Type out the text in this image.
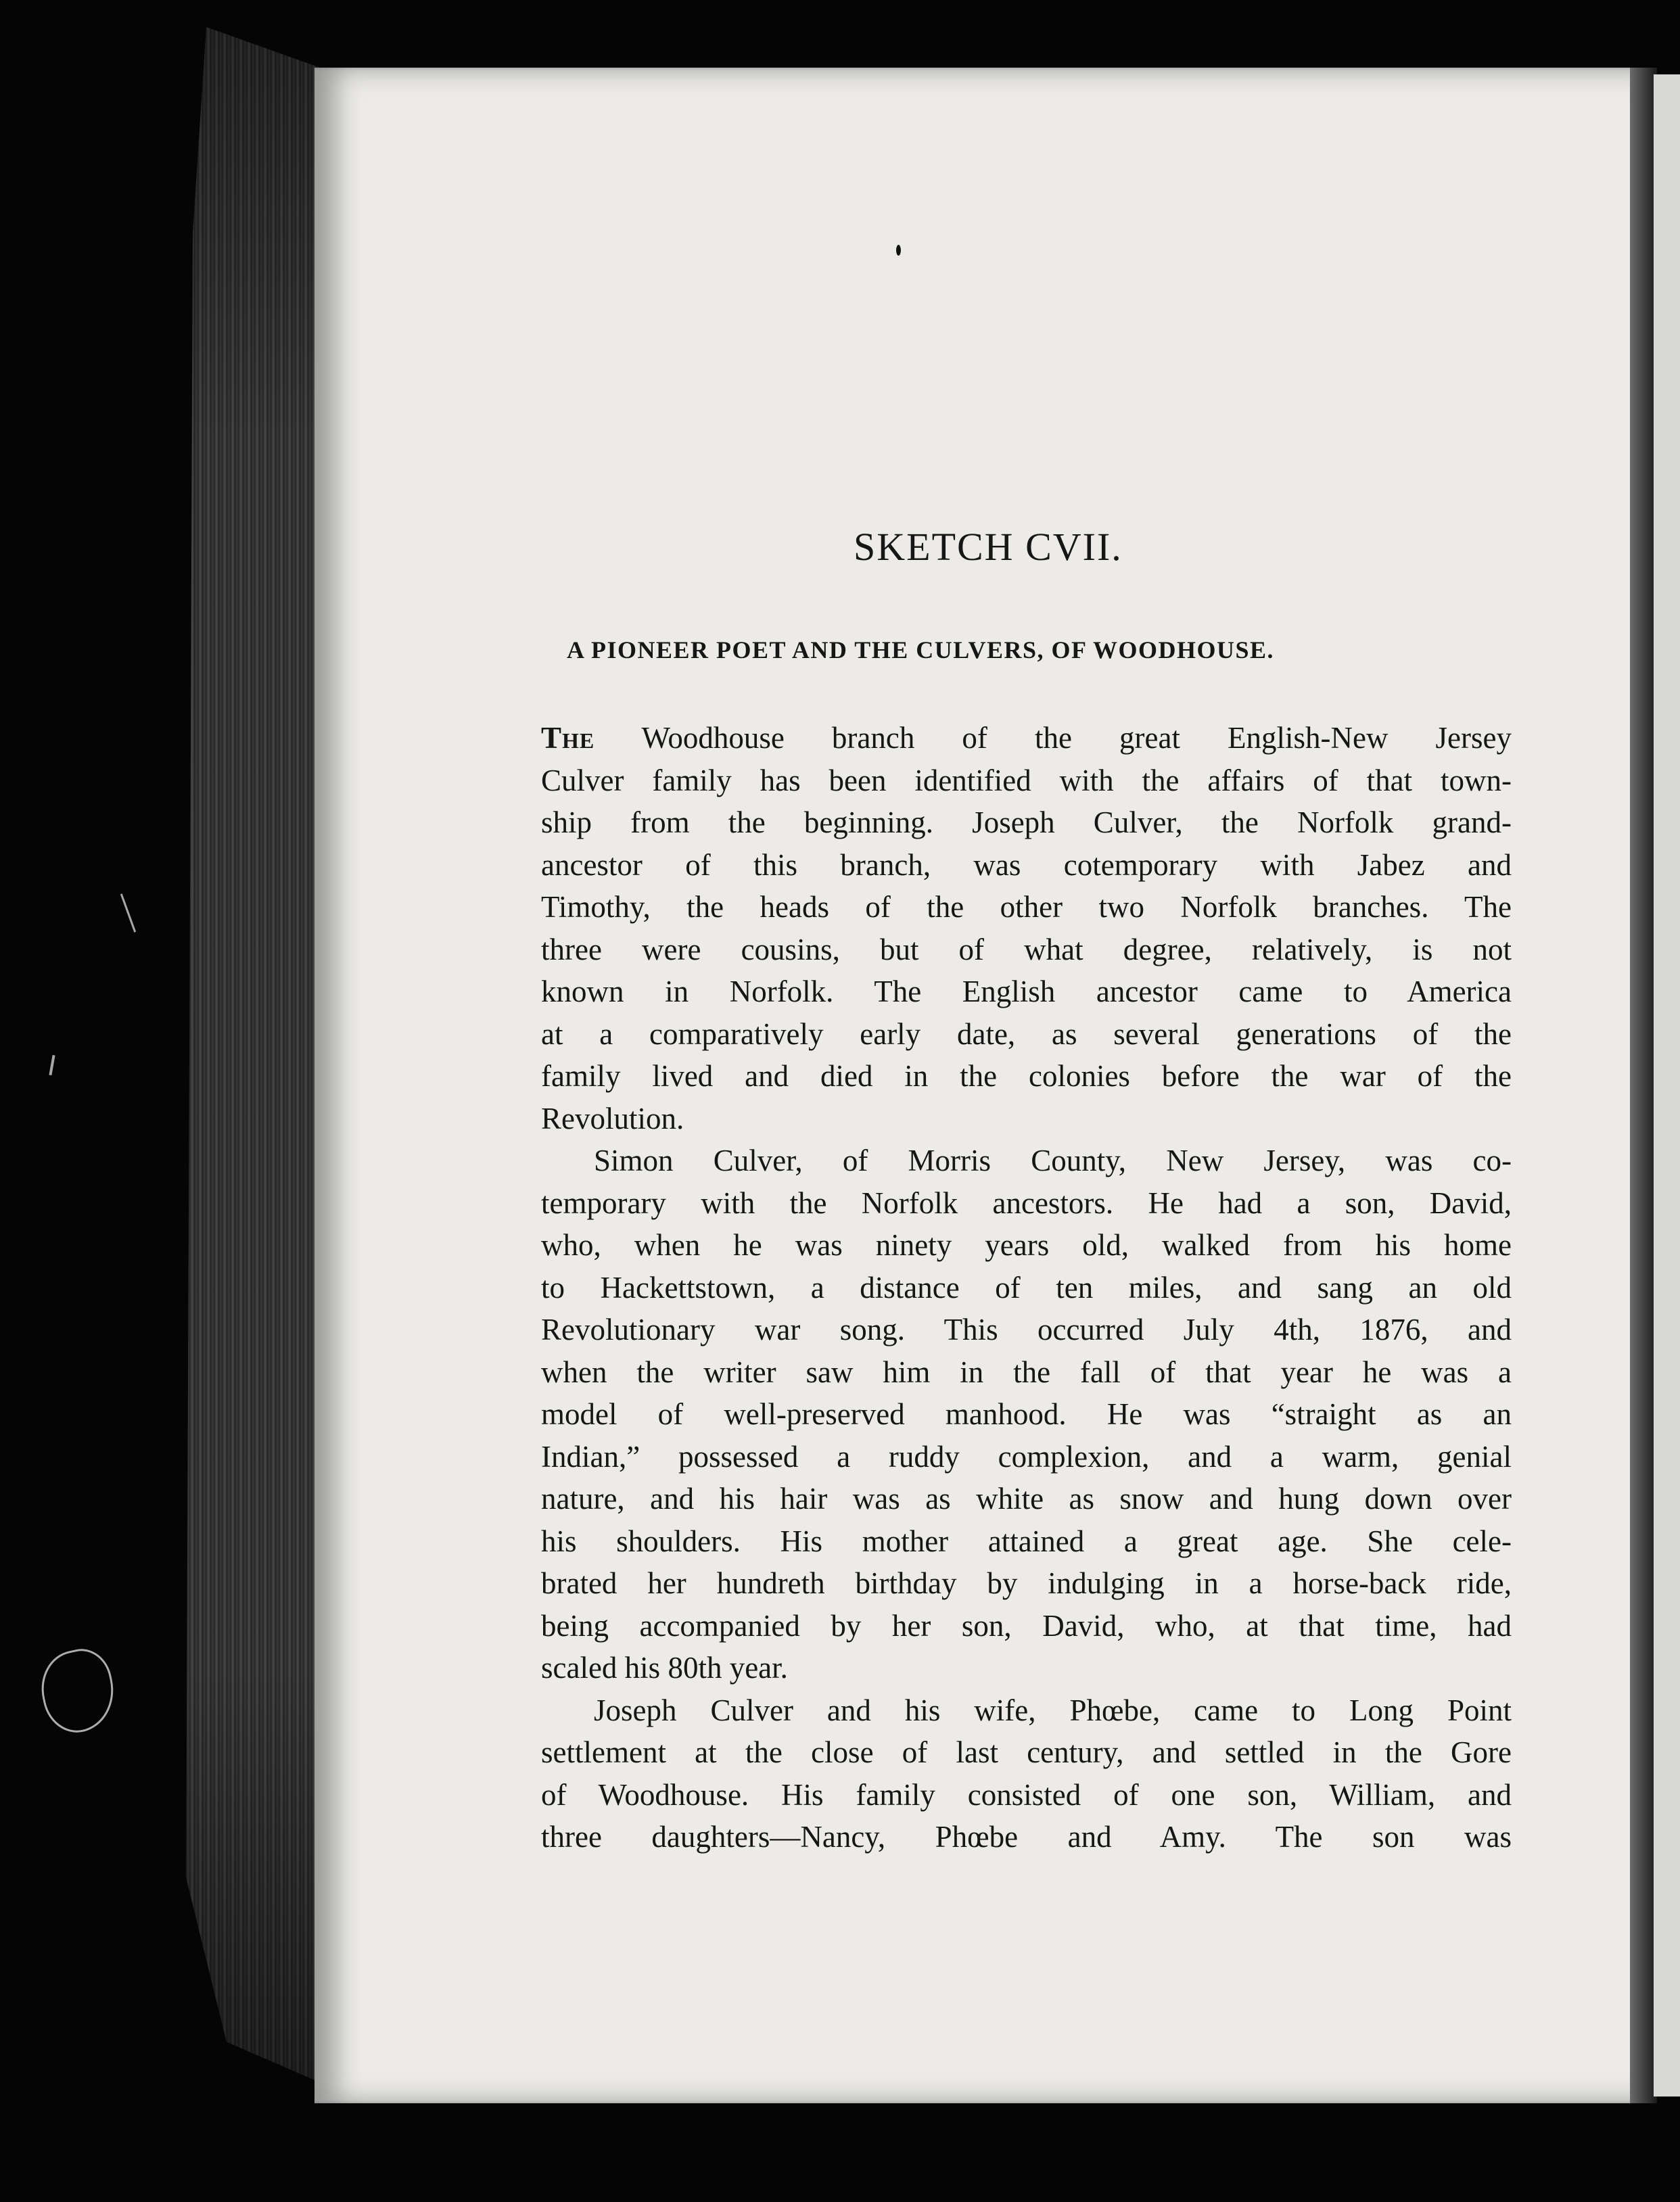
SKETCH CVII.
A PIONEER POET AND THE CULVERS, OF WOODHOUSE.
The Woodhouse branch of the great English-New Jersey
Culver family has been identified with the affairs of that town-
ship from the beginning. Joseph Culver, the Norfolk grand-
ancestor of this branch, was cotemporary with Jabez and
Timothy, the heads of the other two Norfolk branches. The
three were cousins, but of what degree, relatively, is not
known in Norfolk. The English ancestor came to America
at a comparatively early date, as several generations of the
family lived and died in the colonies before the war of the
Revolution.
Simon Culver, of Morris County, New Jersey, was co-
temporary with the Norfolk ancestors. He had a son, David,
who, when he was ninety years old, walked from his home
to Hackettstown, a distance of ten miles, and sang an old
Revolutionary war song. This occurred July 4th, 1876, and
when the writer saw him in the fall of that year he was a
model of well-preserved manhood. He was “straight as an
Indian,” possessed a ruddy complexion, and a warm, genial
nature, and his hair was as white as snow and hung down over
his shoulders. His mother attained a great age. She cele-
brated her hundreth birthday by indulging in a horse-back ride,
being accompanied by her son, David, who, at that time, had
scaled his 80th year.
Joseph Culver and his wife, Phœbe, came to Long Point
settlement at the close of last century, and settled in the Gore
of Woodhouse. His family consisted of one son, William, and
three daughters—Nancy, Phœbe and Amy. The son was
